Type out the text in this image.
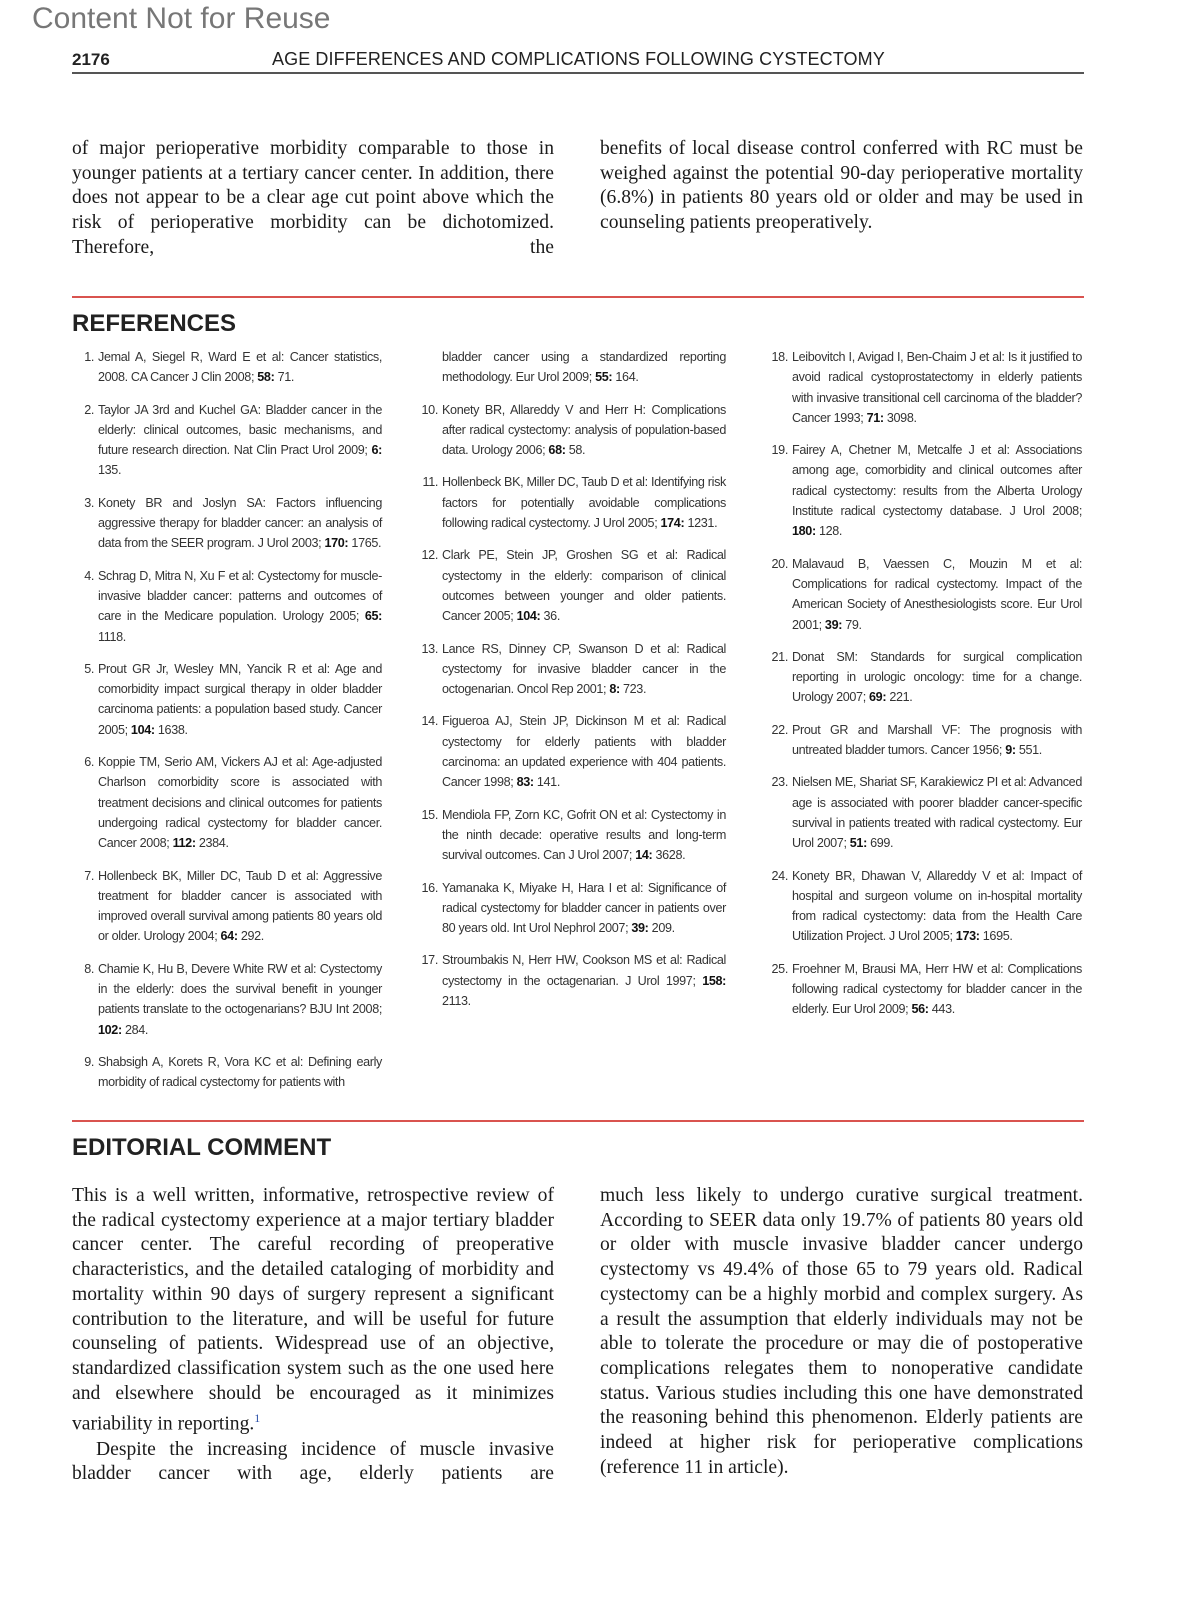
Content Not for Reuse
2176	AGE DIFFERENCES AND COMPLICATIONS FOLLOWING CYSTECTOMY

of major perioperative morbidity comparable to those in younger patients at a tertiary cancer center. In addition, there does not appear to be a clear age cut point above which the risk of perioperative morbidity can be dichotomized. Therefore, the

benefits of local disease control conferred with RC must be weighed against the potential 90-day perioperative mortality (6.8%) in patients 80 years old or older and may be used in counseling patients preoperatively.

REFERENCES
1. Jemal A, Siegel R, Ward E et al: Cancer statistics, 2008. CA Cancer J Clin 2008; 58: 71.
2. Taylor JA 3rd and Kuchel GA: Bladder cancer in the elderly: clinical outcomes, basic mechanisms, and future research direction. Nat Clin Pract Urol 2009; 6: 135.
3. Konety BR and Joslyn SA: Factors influencing aggressive therapy for bladder cancer: an analysis of data from the SEER program. J Urol 2003; 170: 1765.
4. Schrag D, Mitra N, Xu F et al: Cystectomy for muscle-invasive bladder cancer: patterns and outcomes of care in the Medicare population. Urology 2005; 65: 1118.
5. Prout GR Jr, Wesley MN, Yancik R et al: Age and comorbidity impact surgical therapy in older bladder carcinoma patients: a population based study. Cancer 2005; 104: 1638.
6. Koppie TM, Serio AM, Vickers AJ et al: Age-adjusted Charlson comorbidity score is associated with treatment decisions and clinical outcomes for patients undergoing radical cystectomy for bladder cancer. Cancer 2008; 112: 2384.
7. Hollenbeck BK, Miller DC, Taub D et al: Aggressive treatment for bladder cancer is associated with improved overall survival among patients 80 years old or older. Urology 2004; 64: 292.
8. Chamie K, Hu B, Devere White RW et al: Cystectomy in the elderly: does the survival benefit in younger patients translate to the octogenarians? BJU Int 2008; 102: 284.
9. Shabsigh A, Korets R, Vora KC et al: Defining early morbidity of radical cystectomy for patients with
bladder cancer using a standardized reporting methodology. Eur Urol 2009; 55: 164.
10. Konety BR, Allareddy V and Herr H: Complications after radical cystectomy: analysis of population-based data. Urology 2006; 68: 58.
11. Hollenbeck BK, Miller DC, Taub D et al: Identifying risk factors for potentially avoidable complications following radical cystectomy. J Urol 2005; 174: 1231.
12. Clark PE, Stein JP, Groshen SG et al: Radical cystectomy in the elderly: comparison of clinical outcomes between younger and older patients. Cancer 2005; 104: 36.
13. Lance RS, Dinney CP, Swanson D et al: Radical cystectomy for invasive bladder cancer in the octogenarian. Oncol Rep 2001; 8: 723.
14. Figueroa AJ, Stein JP, Dickinson M et al: Radical cystectomy for elderly patients with bladder carcinoma: an updated experience with 404 patients. Cancer 1998; 83: 141.
15. Mendiola FP, Zorn KC, Gofrit ON et al: Cystectomy in the ninth decade: operative results and long-term survival outcomes. Can J Urol 2007; 14: 3628.
16. Yamanaka K, Miyake H, Hara I et al: Significance of radical cystectomy for bladder cancer in patients over 80 years old. Int Urol Nephrol 2007; 39: 209.
17. Stroumbakis N, Herr HW, Cookson MS et al: Radical cystectomy in the octagenarian. J Urol 1997; 158: 2113.
18. Leibovitch I, Avigad I, Ben-Chaim J et al: Is it justified to avoid radical cystoprostatectomy in elderly patients with invasive transitional cell carcinoma of the bladder? Cancer 1993; 71: 3098.
19. Fairey A, Chetner M, Metcalfe J et al: Associations among age, comorbidity and clinical outcomes after radical cystectomy: results from the Alberta Urology Institute radical cystectomy database. J Urol 2008; 180: 128.
20. Malavaud B, Vaessen C, Mouzin M et al: Complications for radical cystectomy. Impact of the American Society of Anesthesiologists score. Eur Urol 2001; 39: 79.
21. Donat SM: Standards for surgical complication reporting in urologic oncology: time for a change. Urology 2007; 69: 221.
22. Prout GR and Marshall VF: The prognosis with untreated bladder tumors. Cancer 1956; 9: 551.
23. Nielsen ME, Shariat SF, Karakiewicz PI et al: Advanced age is associated with poorer bladder cancer-specific survival in patients treated with radical cystectomy. Eur Urol 2007; 51: 699.
24. Konety BR, Dhawan V, Allareddy V et al: Impact of hospital and surgeon volume on in-hospital mortality from radical cystectomy: data from the Health Care Utilization Project. J Urol 2005; 173: 1695.
25. Froehner M, Brausi MA, Herr HW et al: Complications following radical cystectomy for bladder cancer in the elderly. Eur Urol 2009; 56: 443.
EDITORIAL COMMENT

This is a well written, informative, retrospective review of the radical cystectomy experience at a major tertiary bladder cancer center. The careful recording of preoperative characteristics, and the detailed cataloging of morbidity and mortality within 90 days of surgery represent a significant contribution to the literature, and will be useful for future counseling of patients. Widespread use of an objective, standardized classification system such as the one used here and elsewhere should be encouraged as it minimizes variability in reporting.$^1$

Despite the increasing incidence of muscle invasive bladder cancer with age, elderly patients are

much less likely to undergo curative surgical treatment. According to SEER data only 19.7% of patients 80 years old or older with muscle invasive bladder cancer undergo cystectomy vs 49.4% of those 65 to 79 years old. Radical cystectomy can be a highly morbid and complex surgery. As a result the assumption that elderly individuals may not be able to tolerate the procedure or may die of postoperative complications relegates them to nonoperative candidate status. Various studies including this one have demonstrated the reasoning behind this phenomenon. Elderly patients are indeed at higher risk for perioperative complications (reference 11 in article).
